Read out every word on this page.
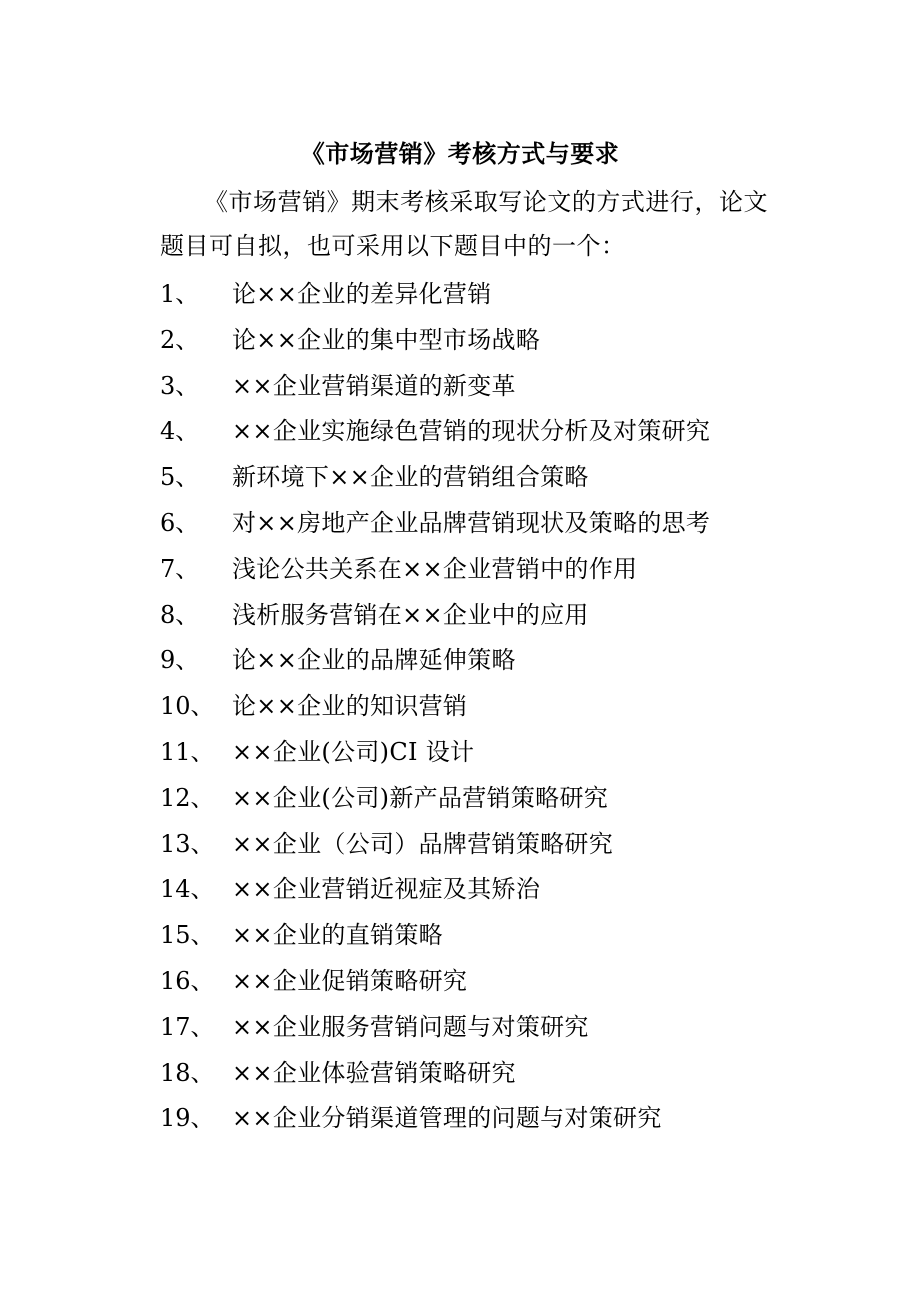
《市场营销》考核方式与要求
《市场营销》期末考核采取写论文的方式进行，论文题目可自拟，也可采用以下题目中的一个：
1、	论××企业的差异化营销
2、	论××企业的集中型市场战略
3、	××企业营销渠道的新变革
4、	××企业实施绿色营销的现状分析及对策研究
5、	新环境下××企业的营销组合策略
6、	对××房地产企业品牌营销现状及策略的思考
7、	浅论公共关系在××企业营销中的作用
8、	浅析服务营销在××企业中的应用
9、	论××企业的品牌延伸策略
10、 论××企业的知识营销
11、 ××企业(公司)CI 设计
12、 ××企业(公司)新产品营销策略研究
13、 ××企业（公司）品牌营销策略研究
14、 ××企业营销近视症及其矫治
15、 ××企业的直销策略
16、 ××企业促销策略研究
17、 ××企业服务营销问题与对策研究
18、 ××企业体验营销策略研究
19、 ××企业分销渠道管理的问题与对策研究
